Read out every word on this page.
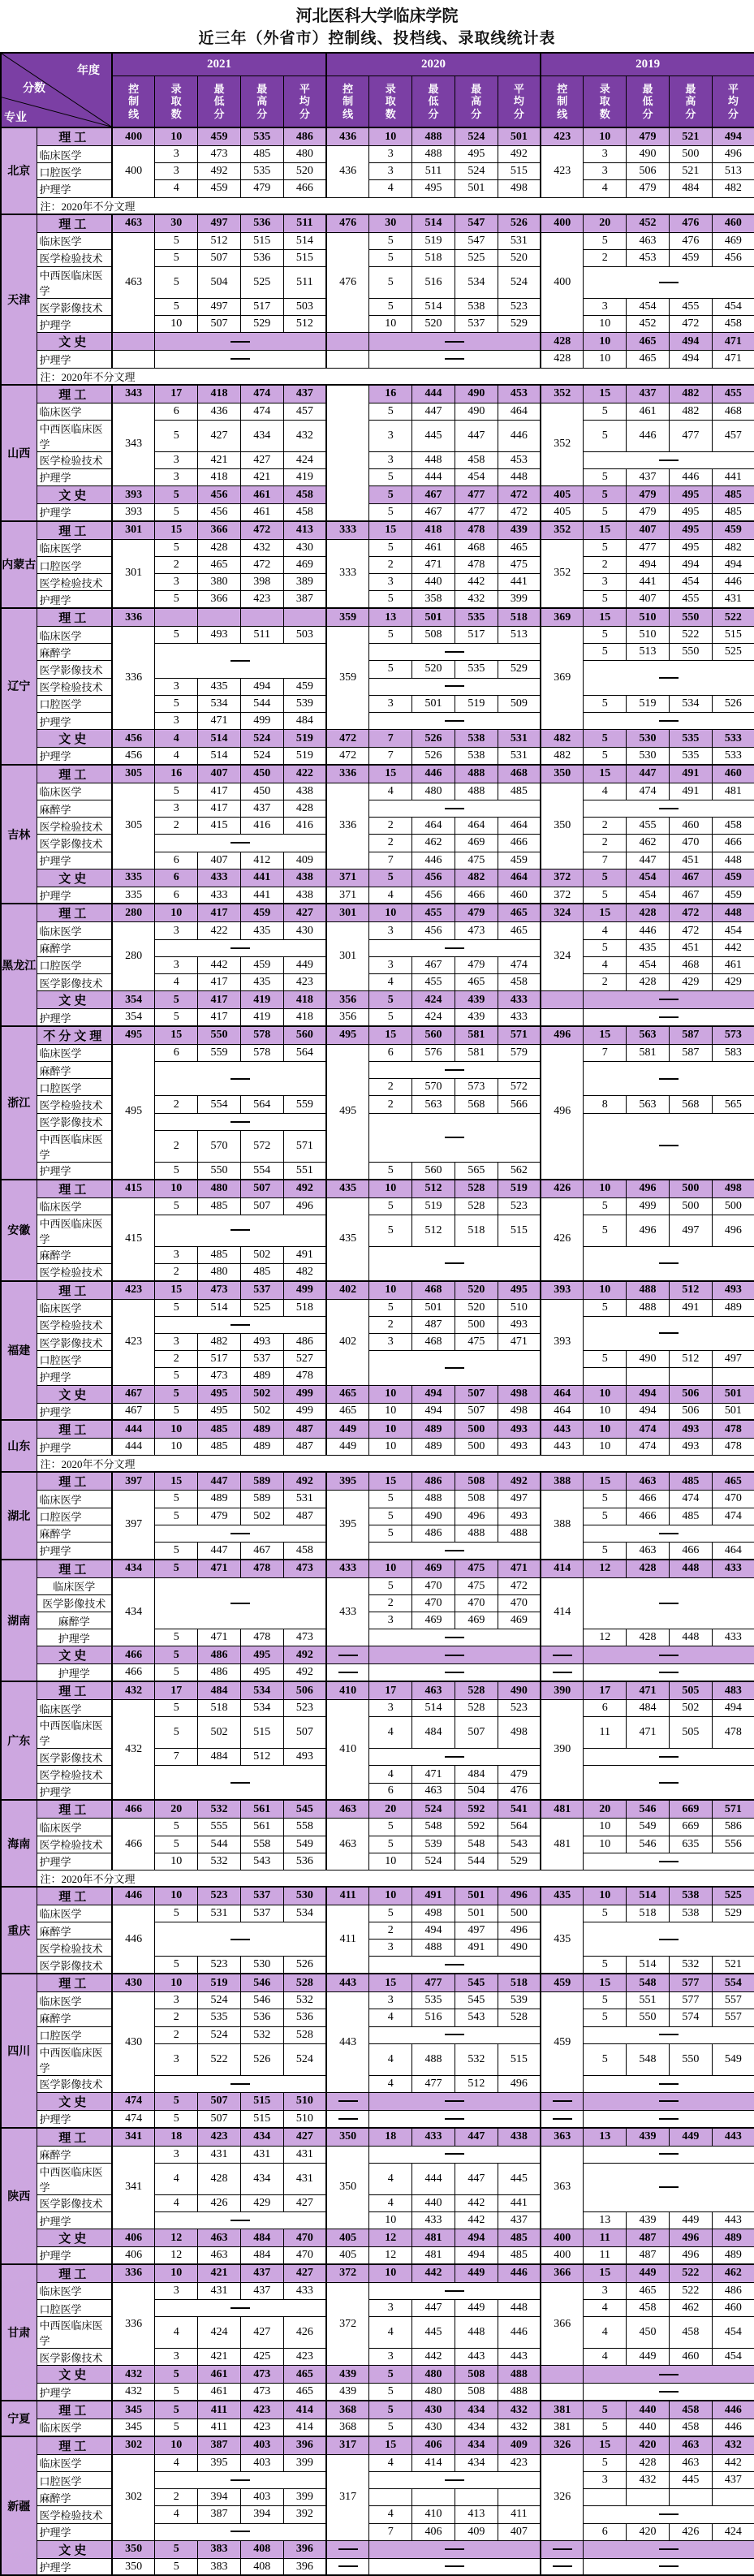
河北医科大学临床学院
近三年（外省市）控制线、投档线、录取线统计表
分数
年度
专业		2021					2020					2019				

		控制线	录取数	最低分	最高分	平均分	控制线	录取数	最低分	最高分	平均分	控制线	录取数	最低分	最高分	平均分

北京	理工	400	10	459	535	486	436	10	488	524	501	423	10	479	521	494
	临床医学	400	3	473	485	480	436	3	488	495	492	423	3	490	500	496
	口腔医学		3	492	535	520		3	511	524	515		3	506	521	513
	护理学		4	459	479	466		4	495	501	498		4	479	484	482
	注：2020年不分文理															
天津	理工	463	30	497	536	511	476	30	514	547	526	400	20	452	476	460
	临床医学	463	5	512	515	514	476	5	519	547	531	400	5	463	476	469
	医学检验技术		5	507	536	515		5	518	525	520		2	453	459	456
	中西医临床医学		5	504	525	511		5	516	534	524					
	医学影像技术		5	497	517	503		5	514	538	523		3	454	455	454
	护理学		10	507	529	512		10	520	537	529		10	452	472	458
	文史											428	10	465	494	471
	护理学											428	10	465	494	471
	注：2020年不分文理															
山西	理工	343	17	418	474	437		16	444	490	453	352	15	437	482	455
	临床医学	343	6	436	474	457		5	447	490	464	352	5	461	482	468
	中西医临床医学		5	427	434	432		3	445	447	446		5	446	477	457
	医学检验技术		3	421	427	424		3	448	458	453					
	护理学		3	418	421	419		5	444	454	448		5	437	446	441
	文史	393	5	456	461	458		5	467	477	472	405	5	479	495	485
	护理学	393	5	456	461	458		5	467	477	472	405	5	479	495	485
内蒙古	理工	301	15	366	472	413	333	15	418	478	439	352	15	407	495	459
	临床医学	301	5	428	432	430	333	5	461	468	465	352	5	477	495	482
	口腔医学		2	465	472	469		2	471	478	475		2	494	494	494
	医学检验技术		3	380	398	389		3	440	442	441		3	441	454	446
	护理学		5	366	423	387		5	358	432	399		5	407	455	431
辽宁	理工	336					359	13	501	535	518	369	15	510	550	522
	临床医学	336	5	493	511	503	359	5	508	517	513	369	5	510	522	515
	麻醉学												5	513	550	525
	医学影像技术							5	520	535	529					
	医学检验技术		3	435	494	459										
	口腔医学		5	534	544	539		3	501	519	509		5	519	534	526
	护理学		3	471	499	484										
	文史	456	4	514	524	519	472	7	526	538	531	482	5	530	535	533
	护理学	456	4	514	524	519	472	7	526	538	531	482	5	530	535	533
吉林	理工	305	16	407	450	422	336	15	446	488	468	350	15	447	491	460
	临床医学	305	5	417	450	438	336	4	480	488	485	350	4	474	491	481
	麻醉学		3	417	437	428										
	医学检验技术		2	415	416	416		2	464	464	464		2	455	460	458
	医学影像技术							2	462	469	466		2	462	470	466
	护理学		6	407	412	409		7	446	475	459		7	447	451	448
	文史	335	6	433	441	438	371	5	456	482	464	372	5	454	467	459
	护理学	335	6	433	441	438	371	4	456	466	460	372	5	454	467	459
黑龙江	理工	280	10	417	459	427	301	10	455	479	465	324	15	428	472	448
	临床医学	280	3	422	435	430	301	3	456	473	465	324	4	446	472	454
	麻醉学												5	435	451	442
	口腔医学		3	442	459	449		3	467	479	474		4	454	468	461
	医学影像技术		4	417	435	423		4	455	465	458		2	428	429	429
	文史	354	5	417	419	418	356	5	424	439	433					
	护理学	354	5	417	419	418	356	5	424	439	433					
浙江	不分文理	495	15	550	578	560	495	15	560	581	571	496	15	563	587	573
	临床医学	495	6	559	578	564	495	6	576	581	579	496	7	581	587	583
	麻醉学															
	口腔医学							2	570	573	572					
	医学检验技术		2	554	564	559		2	563	568	566		8	563	568	565
	医学影像技术															
	中西医临床医学		2	570	572	571										
	护理学		5	550	554	551		5	560	565	562					
安徽	理工	415	10	480	507	492	435	10	512	528	519	426	10	496	500	498
	临床医学	415	5	485	507	496	435	5	519	528	523	426	5	499	500	500
	中西医临床医学							5	512	518	515		5	496	497	496
	麻醉学		3	485	502	491										
	医学检验技术		2	480	485	482										
福建	理工	423	15	473	537	499	402	10	468	520	495	393	10	488	512	493
	临床医学	423	5	514	525	518	402	5	501	520	510	393	5	488	491	489
	医学检验技术							2	487	500	493					
	医学影像技术		3	482	493	486		3	468	475	471					
	口腔医学		2	517	537	527							5	490	512	497
	护理学		5	473	489	478										
	文史	467	5	495	502	499	465	10	494	507	498	464	10	494	506	501
	护理学	467	5	495	502	499	465	10	494	507	498	464	10	494	506	501
山东	理工	444	10	485	489	487	449	10	489	500	493	443	10	474	493	478
	护理学	444	10	485	489	487	449	10	489	500	493	443	10	474	493	478
	注：2020年不分文理															
湖北	理工	397	15	447	589	492	395	15	486	508	492	388	15	463	485	465
	临床医学	397	5	489	589	531	395	5	488	508	497	388	5	466	474	470
	口腔医学		5	479	502	487		5	490	496	493		5	466	485	474
	麻醉学							5	486	488	488					
	护理学		5	447	467	458							5	463	466	464
湖南	理工	434	5	471	478	473	433	10	469	475	471	414	12	428	448	433
	临床医学	434					433	5	470	475	472	414				
	医学影像技术							2	470	470	470					
	麻醉学							3	469	469	469					
	护理学		5	471	478	473							12	428	448	433
	文史	466	5	486	495	492										
	护理学	466	5	486	495	492										
广东	理工	432	17	484	534	506	410	17	463	528	490	390	17	471	505	483
	临床医学	432	5	518	534	523	410	3	514	528	523	390	6	484	502	494
	中西医临床医学		5	502	515	507		4	484	507	498		11	471	505	478
	医学影像技术		7	484	512	493										
	医学检验技术							4	471	484	479					
	护理学							6	463	504	476					
海南	理工	466	20	532	561	545	463	20	524	592	541	481	20	546	669	571
	临床医学	466	5	555	561	558	463	5	548	592	564	481	10	549	669	586
	医学检验技术		5	544	558	549		5	539	548	543		10	546	635	556
	护理学		10	532	543	536		10	524	544	529					
	注：2020年不分文理															
重庆	理工	446	10	523	537	530	411	10	491	501	496	435	10	514	538	525
	临床医学	446	5	531	537	534	411	5	498	501	500	435	5	518	538	529
	麻醉学							2	494	497	496					
	医学检验技术							3	488	491	490					
	医学影像技术		5	523	530	526							5	514	532	521
四川	理工	430	10	519	546	528	443	15	477	545	518	459	15	548	577	554
	临床医学	430	3	524	546	532	443	3	535	545	539	459	5	551	577	557
	麻醉学		2	535	536	536		4	516	543	528		5	550	574	557
	口腔医学		2	524	532	528										
	中西医临床医学		3	522	526	524		4	488	532	515		5	548	550	549
	医学影像技术							4	477	512	496					
	文史	474	5	507	515	510										
	护理学	474	5	507	515	510										
陕西	理工	341	18	423	434	427	350	18	433	447	438	363	13	439	449	443
	麻醉学	341	3	431	431	431	350					363				
	中西医临床医学		4	428	434	431		4	444	447	445					
	医学影像技术		4	426	429	427		4	440	442	441					
	护理学							10	433	442	437		13	439	449	443
	文史	406	12	463	484	470	405	12	481	494	485	400	11	487	496	489
	护理学	406	12	463	484	470	405	12	481	494	485	400	11	487	496	489
甘肃	理工	336	10	421	437	427	372	10	442	449	446	366	15	449	522	462
	临床医学	336	3	431	437	433	372					366	3	465	522	486
	口腔医学							3	447	449	448		4	458	462	460
	中西医临床医学		4	424	427	426		4	445	448	446		4	450	458	454
	医学影像技术		3	421	425	423		3	442	443	443		4	449	460	454
	文史	432	5	461	473	465	439	5	480	508	488					
	护理学	432	5	461	473	465	439	5	480	508	488					
宁夏	理工	345	5	411	423	414	368	5	430	434	432	381	5	440	458	446
	临床医学	345	5	411	423	414	368	5	430	434	432	381	5	440	458	446
新疆	理工	302	10	387	403	396	317	15	406	434	409	326	15	420	463	432
	临床医学	302	4	395	403	399	317	4	414	434	423	326	5	428	463	442
	口腔医学												3	432	445	437
	麻醉学		2	394	403	399										
	医学检验技术		4	387	394	392		4	410	413	411					
	护理学							7	406	409	407		6	420	426	424
	文史	350	5	383	408	396										
	护理学	350	5	383	408	396										
